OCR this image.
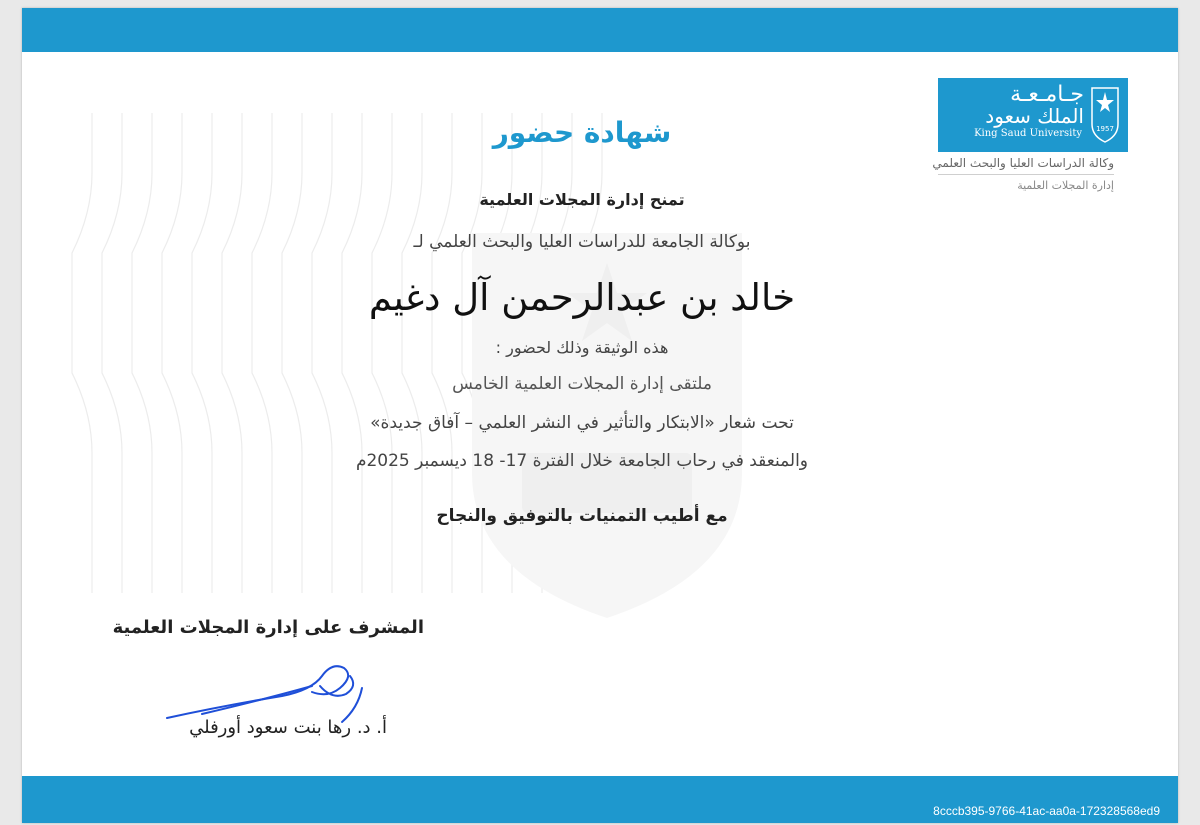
جـامـعـة
الملك سعود
King Saud University 1957
وكالة الدراسات العليا والبحث العلمي
إدارة المجلات العلمية
شهادة حضور
تمنح إدارة المجلات العلمية
بوكالة الجامعة للدراسات العليا والبحث العلمي لـ
خالد بن عبدالرحمن آل دغيم
هذه الوثيقة وذلك لحضور :
ملتقى إدارة المجلات العلمية الخامس
تحت شعار «الابتكار والتأثير في النشر العلمي – آفاق جديدة»
والمنعقد في رحاب الجامعة خلال الفترة 17- 18 ديسمبر 2025م
مع أطيب التمنيات بالتوفيق والنجاح
المشرف على إدارة المجلات العلمية
أ. د. رها بنت سعود أورفلي
8cccb395-9766-41ac-aa0a-172328568ed9
